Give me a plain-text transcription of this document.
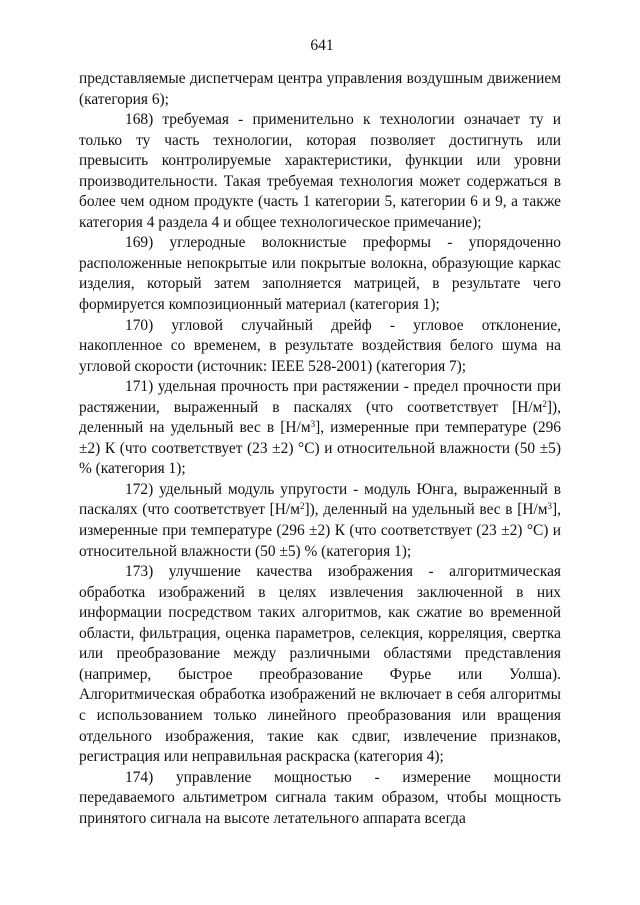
641

представляемые диспетчерам центра управления воздушным движением (категория 6);

168) требуемая - применительно к технологии означает ту и только ту часть технологии, которая позволяет достигнуть или превысить контролируемые характеристики, функции или уровни производительности. Такая требуемая технология может содержаться в более чем одном продукте (часть 1 категории 5, категории 6 и 9, а также категория 4 раздела 4 и общее технологическое примечание);

169) углеродные волокнистые преформы - упорядоченно расположенные непокрытые или покрытые волокна, образующие каркас изделия, который затем заполняется матрицей, в результате чего формируется композиционный материал (категория 1);

170) угловой случайный дрейф - угловое отклонение, накопленное со временем, в результате воздействия белого шума на угловой скорости (источник: IEEE 528-2001) (категория 7);

171) удельная прочность при растяжении - предел прочности при растяжении, выраженный в паскалях (что соответствует $[Н/м^2]$), деленный на удельный вес в $[Н/м^3]$, измеренные при температуре (296 ±2) К (что соответствует (23 ±2) °С) и относительной влажности (50 ±5) % (категория 1);

172) удельный модуль упругости - модуль Юнга, выраженный в паскалях (что соответствует $[Н/м^2]$), деленный на удельный вес в $[Н/м^3]$, измеренные при температуре (296 ±2) К (что соответствует (23 ±2) °С) и относительной влажности (50 ±5) % (категория 1);

173) улучшение качества изображения - алгоритмическая обработка изображений в целях извлечения заключенной в них информации посредством таких алгоритмов, как сжатие во временной области, фильтрация, оценка параметров, селекция, корреляция, свертка или преобразование между различными областями представления (например, быстрое преобразование Фурье или Уолша). Алгоритмическая обработка изображений не включает в себя алгоритмы с использованием только линейного преобразования или вращения отдельного изображения, такие как сдвиг, извлечение признаков, регистрация или неправильная раскраска (категория 4);

174) управление мощностью - измерение мощности передаваемого альтиметром сигнала таким образом, чтобы мощность принятого сигнала на высоте летательного аппарата всегда
